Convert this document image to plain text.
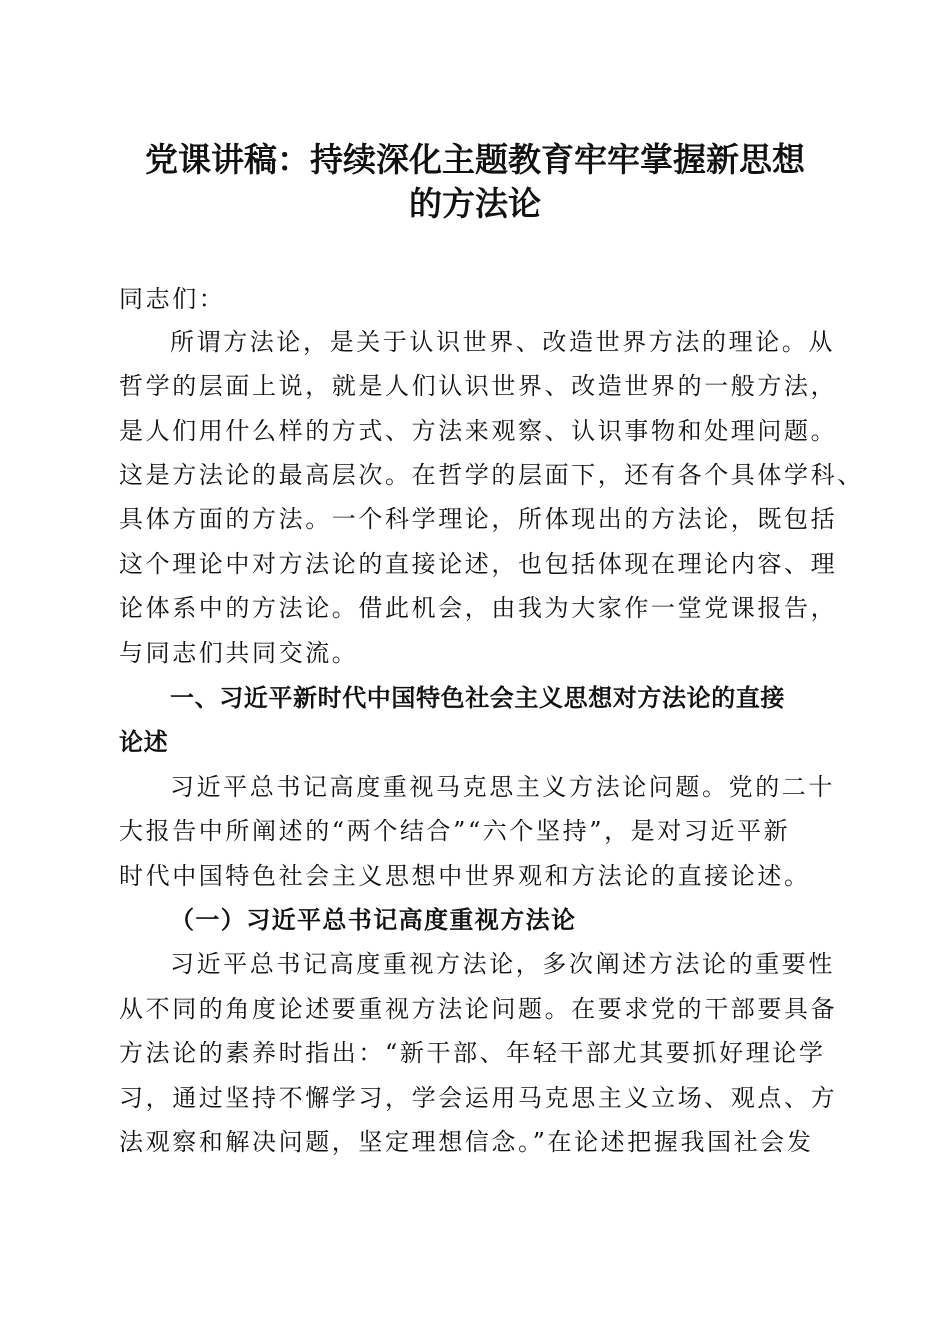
党课讲稿：持续深化主题教育牢牢掌握新思想
的方法论
同志们：
所谓方法论，是关于认识世界、改造世界方法的理论。从
哲学的层面上说，就是人们认识世界、改造世界的一般方法，
是人们用什么样的方式、方法来观察、认识事物和处理问题。
这是方法论的最高层次。在哲学的层面下，还有各个具体学科、
具体方面的方法。一个科学理论，所体现出的方法论，既包括
这个理论中对方法论的直接论述，也包括体现在理论内容、理
论体系中的方法论。借此机会，由我为大家作一堂党课报告，
与同志们共同交流。
一、习近平新时代中国特色社会主义思想对方法论的直接
论述
习近平总书记高度重视马克思主义方法论问题。党的二十
大报告中所阐述的“两个结合”“六个坚持”，是对习近平新
时代中国特色社会主义思想中世界观和方法论的直接论述。
（一）习近平总书记高度重视方法论
习近平总书记高度重视方法论，多次阐述方法论的重要性
从不同的角度论述要重视方法论问题。在要求党的干部要具备
方法论的素养时指出：“新干部、年轻干部尤其要抓好理论学
习，通过坚持不懈学习，学会运用马克思主义立场、观点、方
法观察和解决问题，坚定理想信念。”在论述把握我国社会发
